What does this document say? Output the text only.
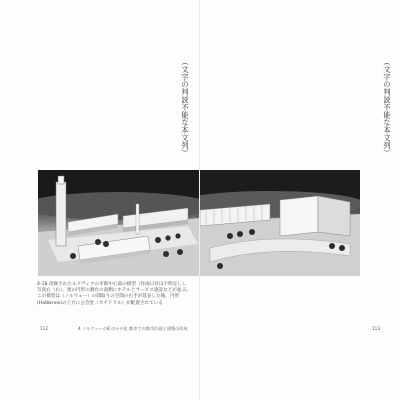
（文字の判読不能な本文列）
4-18 改修されたルドヴィクの市街中心部の模型（作成日付は不明なし）。写真右（右）、奥の円形の舞台の南側にホテルとサービス施設などが並ぶ。この模型は（ノルウェー）の間取りの空間の右手が延長した後、円形(Halbkreis)の上方に公会堂（カテドラル）が配置されている
112	4 ノルウェーの町のナチ化 都市での都市計画と建築の形成
（文字の判読不能な本文列）
113
